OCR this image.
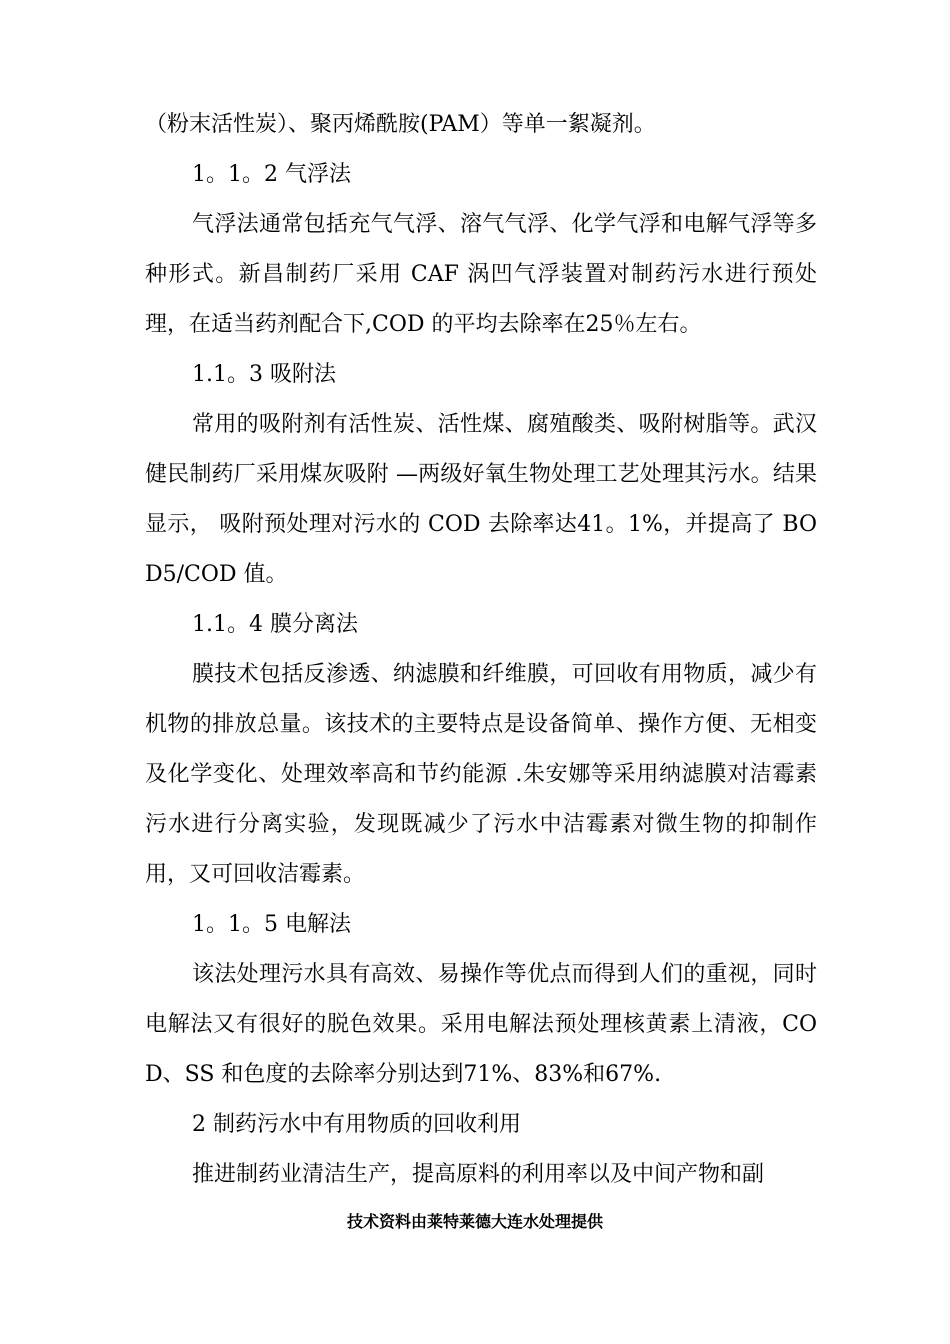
（粉末活性炭）、聚丙烯酰胺(PAM）等单一絮凝剂。

1。1。2 气浮法

气浮法通常包括充气气浮、溶气气浮、化学气浮和电解气浮等多种形式。新昌制药厂采用 CAF 涡凹气浮装置对制药污水进行预处理，在适当药剂配合下,COD 的平均去除率在25％左右。

1.1。3 吸附法

常用的吸附剂有活性炭、活性煤、腐殖酸类、吸附树脂等。武汉健民制药厂采用煤灰吸附 —两级好氧生物处理工艺处理其污水。结果显示， 吸附预处理对污水的 COD 去除率达41。1%，并提高了 BOD5/COD 值。

1.1。4 膜分离法

膜技术包括反渗透、纳滤膜和纤维膜，可回收有用物质，减少有机物的排放总量。该技术的主要特点是设备简单、操作方便、无相变及化学变化、处理效率高和节约能源 .朱安娜等采用纳滤膜对洁霉素污水进行分离实验，发现既减少了污水中洁霉素对微生物的抑制作用，又可回收洁霉素。

1。1。5 电解法

该法处理污水具有高效、易操作等优点而得到人们的重视，同时电解法又有很好的脱色效果。采用电解法预处理核黄素上清液，COD、SS 和色度的去除率分别达到71%、83%和67%.

2 制药污水中有用物质的回收利用

推进制药业清洁生产，提高原料的利用率以及中间产物和副

技术资料由莱特莱德大连水处理提供
